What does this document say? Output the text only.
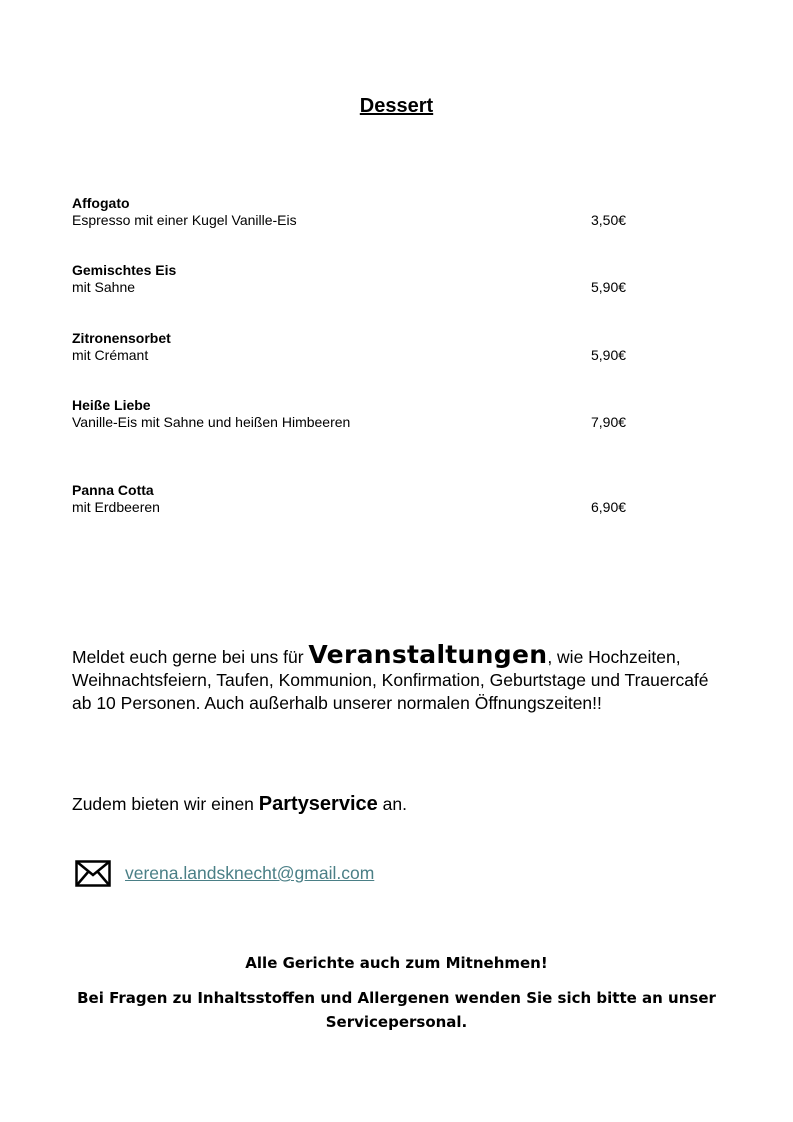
Dessert
Affogato
Espresso mit einer Kugel Vanille-Eis	3,50€
Gemischtes Eis
mit Sahne	5,90€
Zitronensorbet
mit Crémant	5,90€
Heiße Liebe
Vanille-Eis mit Sahne und heißen Himbeeren	7,90€
Panna Cotta
mit Erdbeeren	6,90€
Meldet euch gerne bei uns für Veranstaltungen, wie Hochzeiten, Weihnachtsfeiern, Taufen, Kommunion, Konfirmation, Geburtstage und Trauercafé ab 10 Personen. Auch außerhalb unserer normalen Öffnungszeiten!!
Zudem bieten wir einen Partyservice an.
verena.landsknecht@gmail.com
Alle Gerichte auch zum Mitnehmen!
Bei Fragen zu Inhaltsstoffen und Allergenen wenden Sie sich bitte an unser Servicepersonal.
